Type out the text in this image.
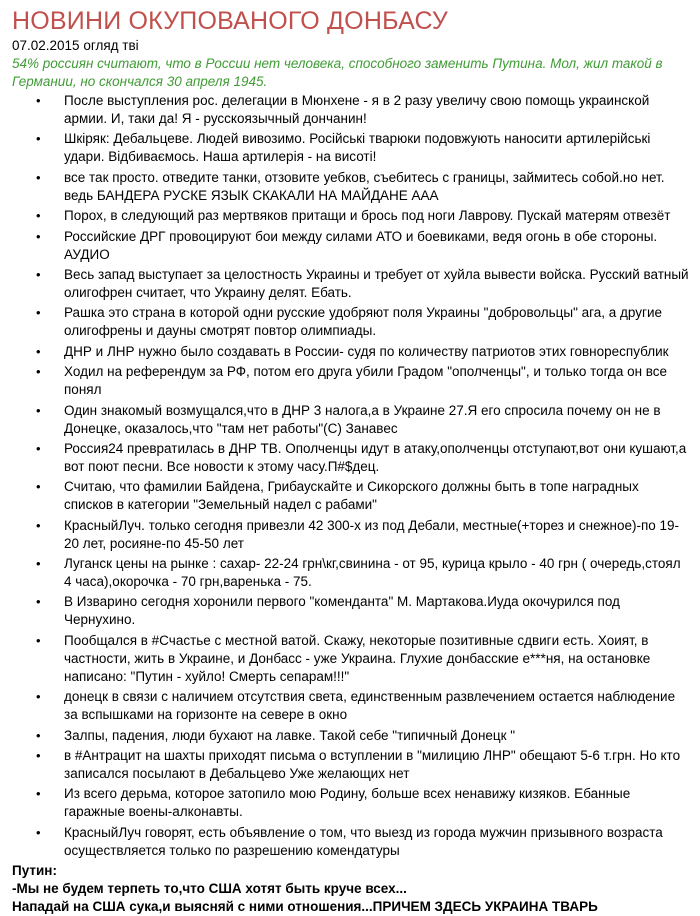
НОВИНИ ОКУПОВАНОГО ДОНБАСУ
07.02.2015 огляд тві
54% россиян считают, что в России нет человека, способного заменить Путина. Мол, жил такой в Германии, но скончался 30 апреля 1945.
• После выступления рос. делегации в Мюнхене - я в 2 разу увеличу свою помощь украинской армии. И, таки да! Я - русскоязычный дончанин!
• Шкіряк: Дебальцеве. Людей вивозимо. Російські тварюки подовжують наносити артилерійські удари. Відбиваємось. Наша артилерія - на висоті!
• все так просто. отведите танки, отзовите уебков, съебитесь с границы, займитесь собой.но нет. ведь БАНДЕРА РУСКЕ ЯЗЫК СКАКАЛИ НА МАЙДАНЕ ААА
• Порох, в следующий раз мертвяков притащи и брось под ноги Лаврову. Пускай матерям отвезёт
• Российские ДРГ провоцируют бои между силами АТО и боевиками, ведя огонь в обе стороны. АУДИО
• Весь запад выступает за целостность Украины и требует от хуйла вывести войска. Русский ватный олигофрен считает, что Украину делят. Ебать.
• Рашка это страна в которой одни русские удобряют поля Украины "добровольцы" ага, а другие олигофрены и дауны смотрят повтор олимпиады.
• ДНР и ЛНР нужно было создавать в России- судя по количеству патриотов этих говнореспублик
• Ходил на референдум за РФ, потом его друга убили Градом "ополченцы", и только тогда он все понял
• Один знакомый возмущался,что в ДНР 3 налога,а в Украине 27.Я его спросила почему он не в Донецке, оказалось,что "там нет работы"(С) Занавес
• Россия24 превратилась в ДНР ТВ. Ополченцы идут в атаку,ополченцы отступают,вот они кушают,а вот поют песни. Все новости к этому часу.П#$дец.
• Считаю, что фамилии Байдена, Грибаускайте и Сикорского должны быть в топе наградных списков в категории "Земельный надел с рабами"
• КрасныйЛуч. только сегодня привезли 42 300-х из под Дебали, местные(+торез и снежное)-по 19-20 лет, росияне-по 45-50 лет
• Луганск цены на рынке : сахар- 22-24 грн\кг,свинина - от 95, курица крыло - 40 грн ( очередь,стоял 4 часа),окорочка - 70 грн,варенька - 75.
• В Изварино сегодня хоронили первого "коменданта" М. Мартакова.Иуда окочурился под Чернухино.
• Пообщался в #Счастье с местной ватой. Скажу, некоторые позитивные сдвиги есть. Хоият, в частности, жить в Украине, и Донбасс - уже Украина. Глухие донбасские е***ня, на остановке написано: "Путин - хуйло! Смерть сепарам!!!"
• донецк в связи с наличием отсутствия света, единственным развлечением остается наблюдение за вспышками на горизонте на севере в окно
• Залпы, падения, люди бухают на лавке. Такой себе "типичный Донецк "
• в #Антрацит на шахты приходят письма о вступлении в "милицию ЛНР" обещают 5-6 т.грн. Но кто записался посылают в Дебальцево Уже желающих нет
• Из всего дерьма, которое затопило мою Родину, больше всех ненавижу кизяков. Ебанные гаражные воены-алконавты.
• КрасныйЛуч говорят, есть объявление о том, что выезд из города мужчин призывного возраста осуществляется только по разрешению комендатуры

Путин:

-Мы не будем терпеть то,что США хотят быть круче всех...

Нападай на США сука,и выясняй с ними отношения...ПРИЧЕМ ЗДЕСЬ УКРАИНА ТВАРЬ
